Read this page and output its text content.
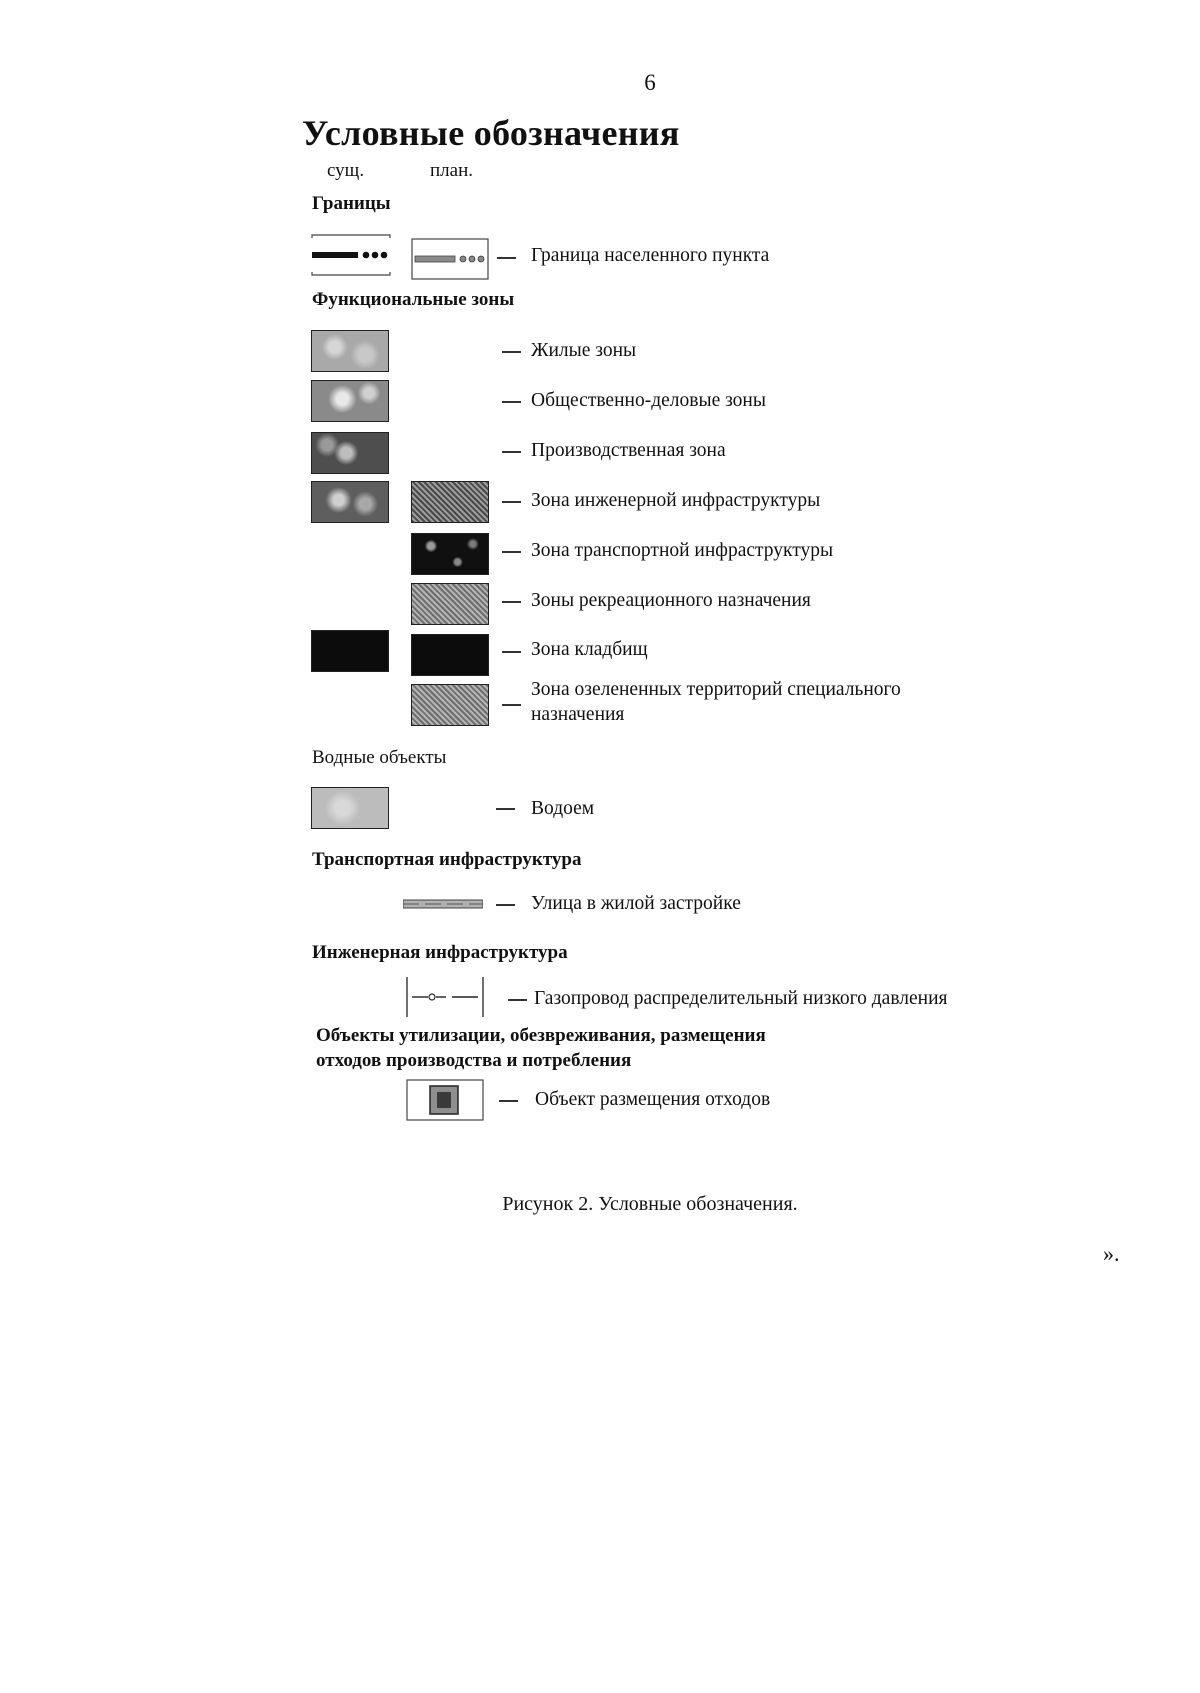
6
Условные обозначения
сущ.	план.
Границы
Граница населенного пункта
Функциональные зоны
Жилые зоны
Общественно-деловые зоны
Производственная зона
Зона инженерной инфраструктуры
Зона транспортной инфраструктуры
Зоны рекреационного назначения
Зона кладбищ
Зона озелененных территорий специального
назначения
Водные объекты
Водоем
Транспортная инфраструктура
Улица в жилой застройке
Инженерная инфраструктура
Газопровод распределительный низкого давления
Объекты утилизации, обезвреживания, размещения
отходов производства и потребления
Объект размещения отходов
Рисунок 2. Условные обозначения.
».
